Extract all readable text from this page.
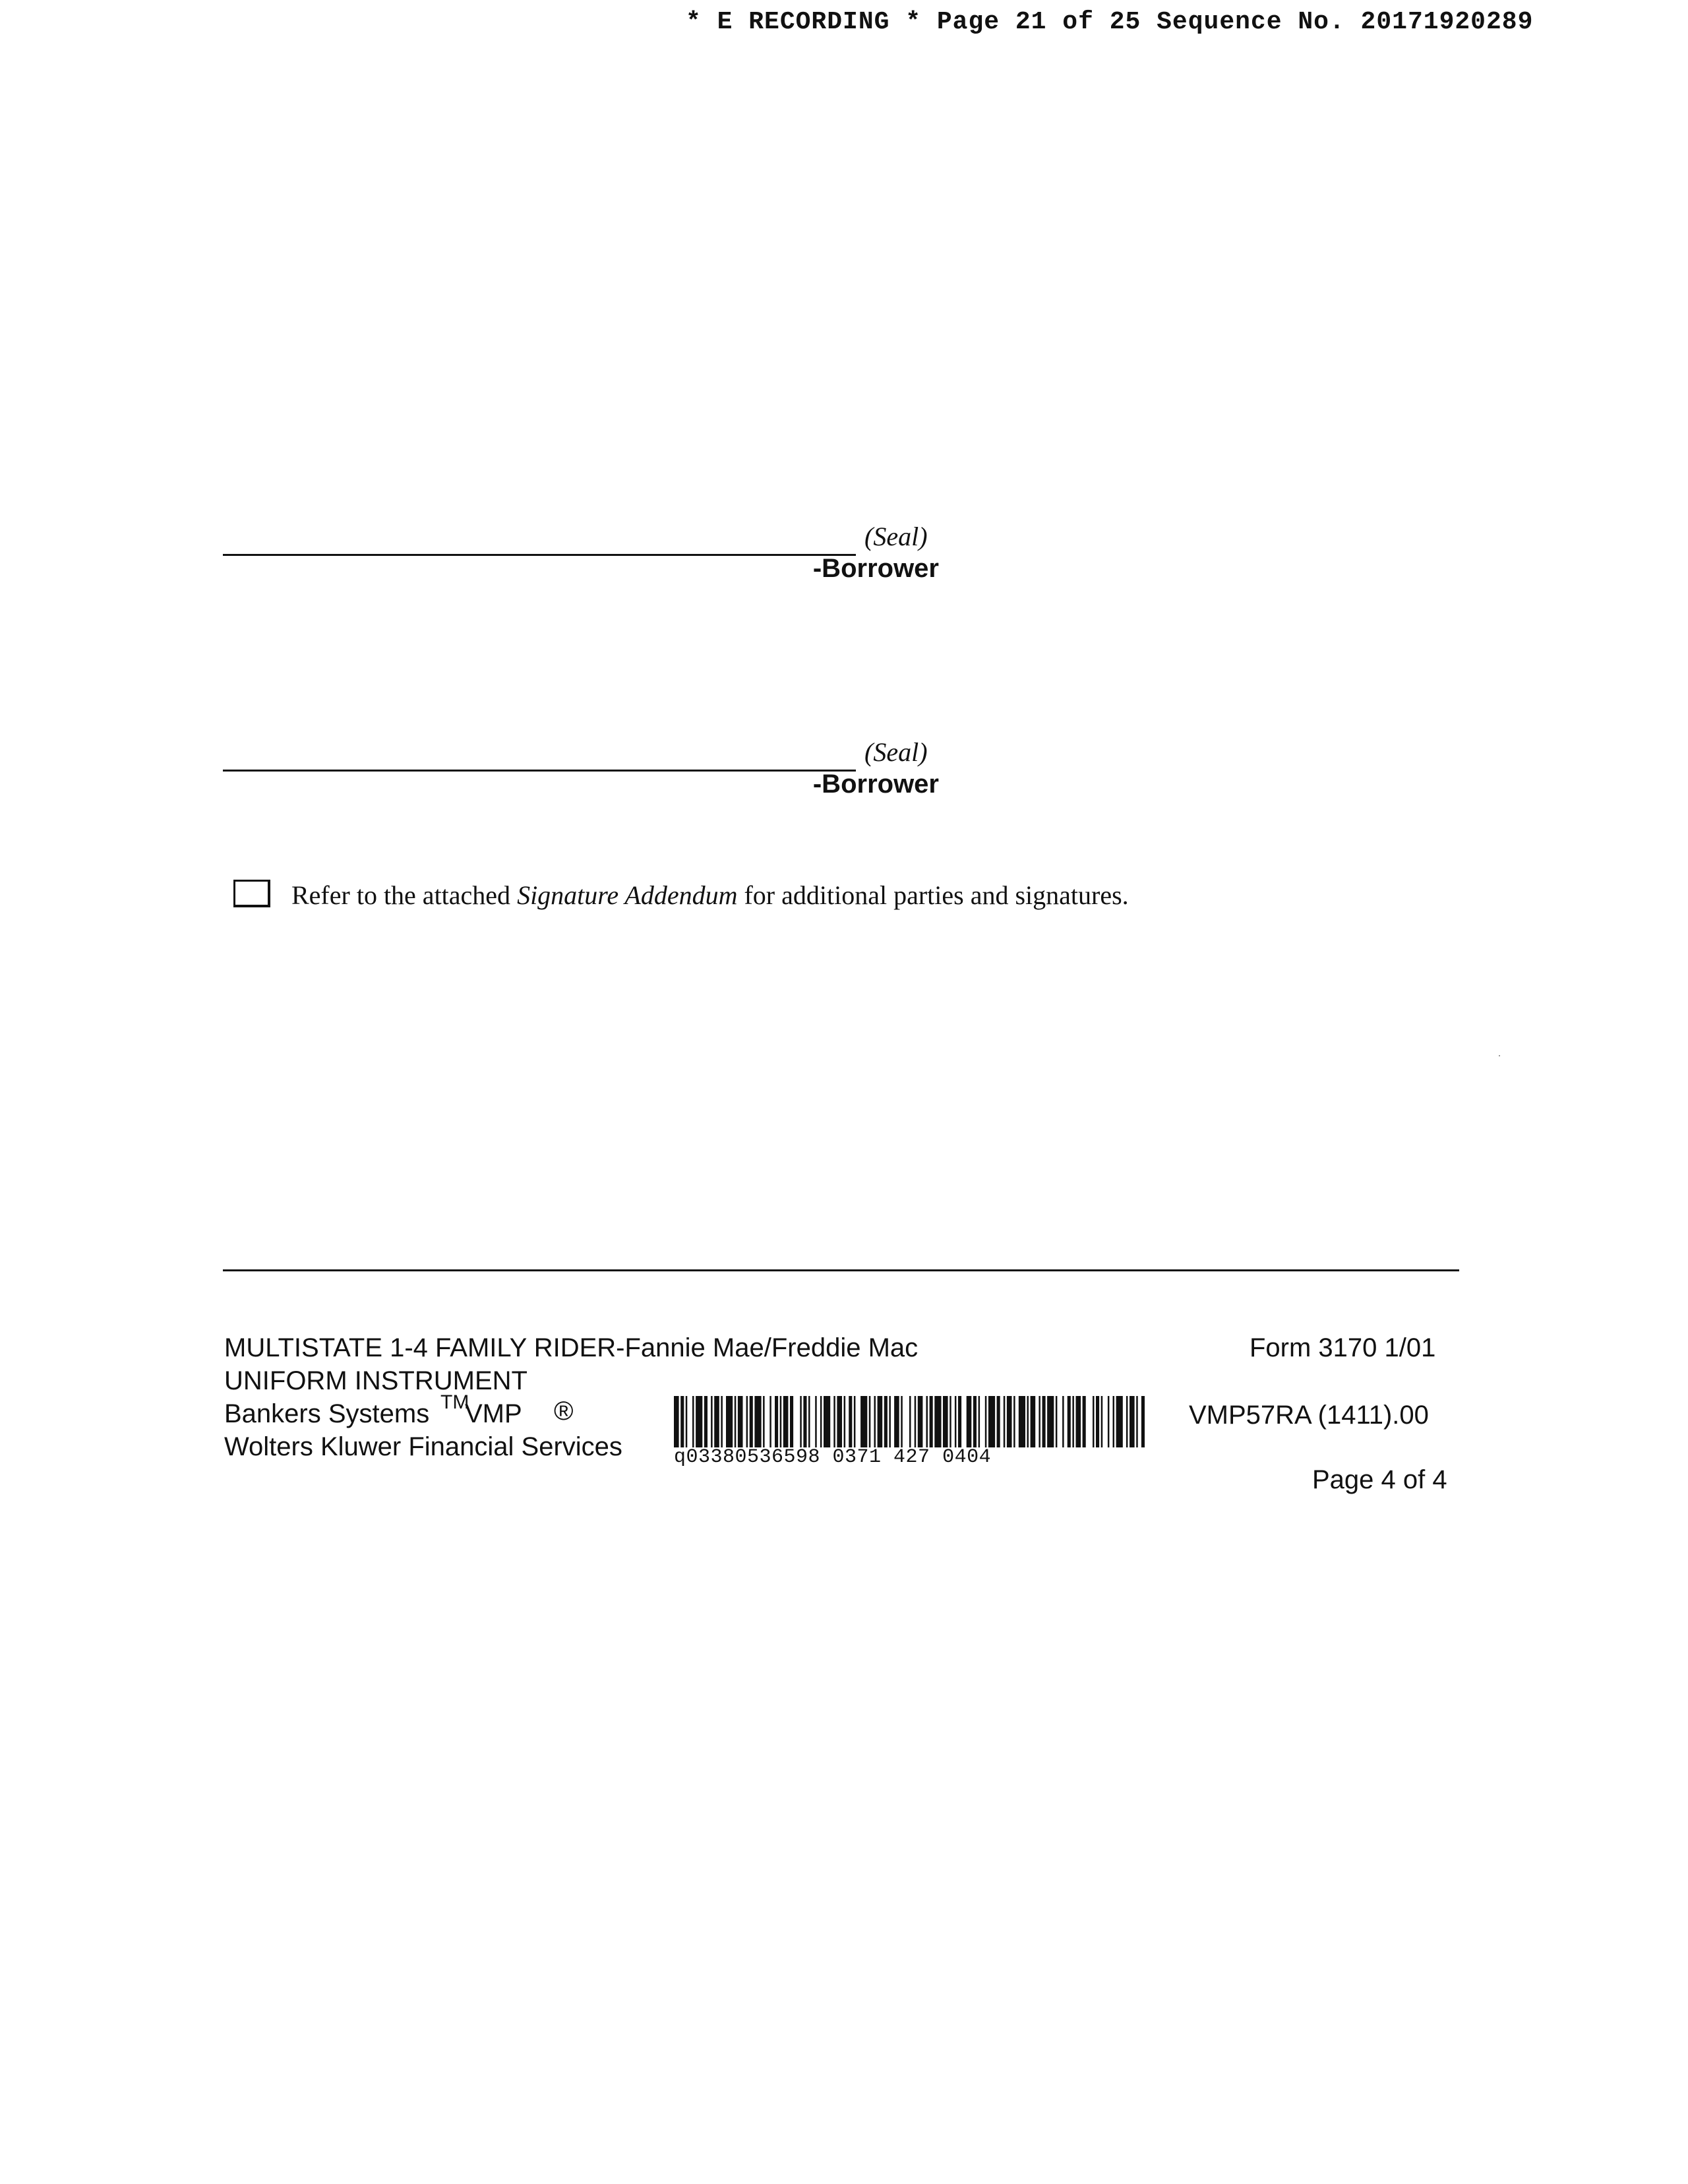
* E RECORDING * Page 21 of 25 Sequence No. 20171920289
(Seal)
-Borrower
(Seal)
-Borrower
Refer to the attached Signature Addendum for additional parties and signatures.
MULTISTATE 1-4 FAMILY RIDER-Fannie Mae/Freddie Mac
UNIFORM INSTRUMENT
Bankers Systems TM
VMP ®
Wolters Kluwer Financial Services	q03380536598 0371 427 0404
Form 3170 1/01
VMP57RA (1411).00
Page 4 of 4
